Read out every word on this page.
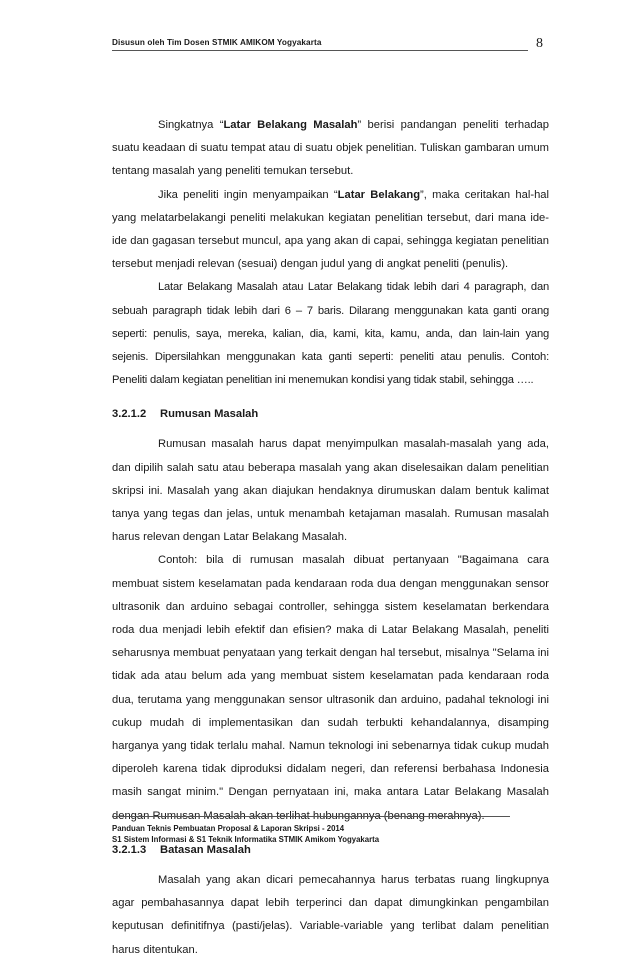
Disusun oleh Tim Dosen STMIK AMIKOM Yogyakarta	8

Singkatnya “Latar Belakang Masalah” berisi pandangan peneliti terhadap suatu keadaan di suatu tempat atau di suatu objek penelitian. Tuliskan gambaran umum tentang masalah yang peneliti temukan tersebut.

Jika peneliti ingin menyampaikan “Latar Belakang”, maka ceritakan hal-hal yang melatarbelakangi peneliti melakukan kegiatan penelitian tersebut, dari mana ide-ide dan gagasan tersebut muncul, apa yang akan di capai, sehingga kegiatan penelitian tersebut menjadi relevan (sesuai) dengan judul yang di angkat peneliti (penulis).

Latar Belakang Masalah atau Latar Belakang tidak lebih dari 4 paragraph, dan sebuah paragraph tidak lebih dari 6 – 7 baris. Dilarang menggunakan kata ganti orang seperti: penulis, saya, mereka, kalian, dia, kami, kita, kamu, anda, dan lain-lain yang sejenis. Dipersilahkan menggunakan kata ganti seperti: peneliti atau penulis. Contoh: Peneliti dalam kegiatan penelitian ini menemukan kondisi yang tidak stabil, sehingga …..

3.2.1.2 Rumusan Masalah

Rumusan masalah harus dapat menyimpulkan masalah-masalah yang ada, dan dipilih salah satu atau beberapa masalah yang akan diselesaikan dalam penelitian skripsi ini. Masalah yang akan diajukan hendaknya dirumuskan dalam bentuk kalimat tanya yang tegas dan jelas, untuk menambah ketajaman masalah. Rumusan masalah harus relevan dengan Latar Belakang Masalah.

Contoh: bila di rumusan masalah dibuat pertanyaan "Bagaimana cara membuat sistem keselamatan pada kendaraan roda dua dengan menggunakan sensor ultrasonik dan arduino sebagai controller, sehingga sistem keselamatan berkendara roda dua menjadi lebih efektif dan efisien? maka di Latar Belakang Masalah, peneliti seharusnya membuat penyataan yang terkait dengan hal tersebut, misalnya "Selama ini tidak ada atau belum ada yang membuat sistem keselamatan pada kendaraan roda dua, terutama yang menggunakan sensor ultrasonik dan arduino, padahal teknologi ini cukup mudah di implementasikan dan sudah terbukti kehandalannya, disamping harganya yang tidak terlalu mahal. Namun teknologi ini sebenarnya tidak cukup mudah diperoleh karena tidak diproduksi didalam negeri, dan referensi berbahasa Indonesia masih sangat minim." Dengan pernyataan ini, maka antara Latar Belakang Masalah dengan Rumusan Masalah akan terlihat hubungannya (benang merahnya).

3.2.1.3 Batasan Masalah

Masalah yang akan dicari pemecahannya harus terbatas ruang lingkupnya agar pembahasannya dapat lebih terperinci dan dapat dimungkinkan pengambilan keputusan definitifnya (pasti/jelas). Variable-variable yang terlibat dalam penelitian harus ditentukan.

Panduan Teknis Pembuatan Proposal & Laporan Skripsi - 2014
S1 Sistem Informasi & S1 Teknik Informatika STMIK Amikom Yogyakarta
